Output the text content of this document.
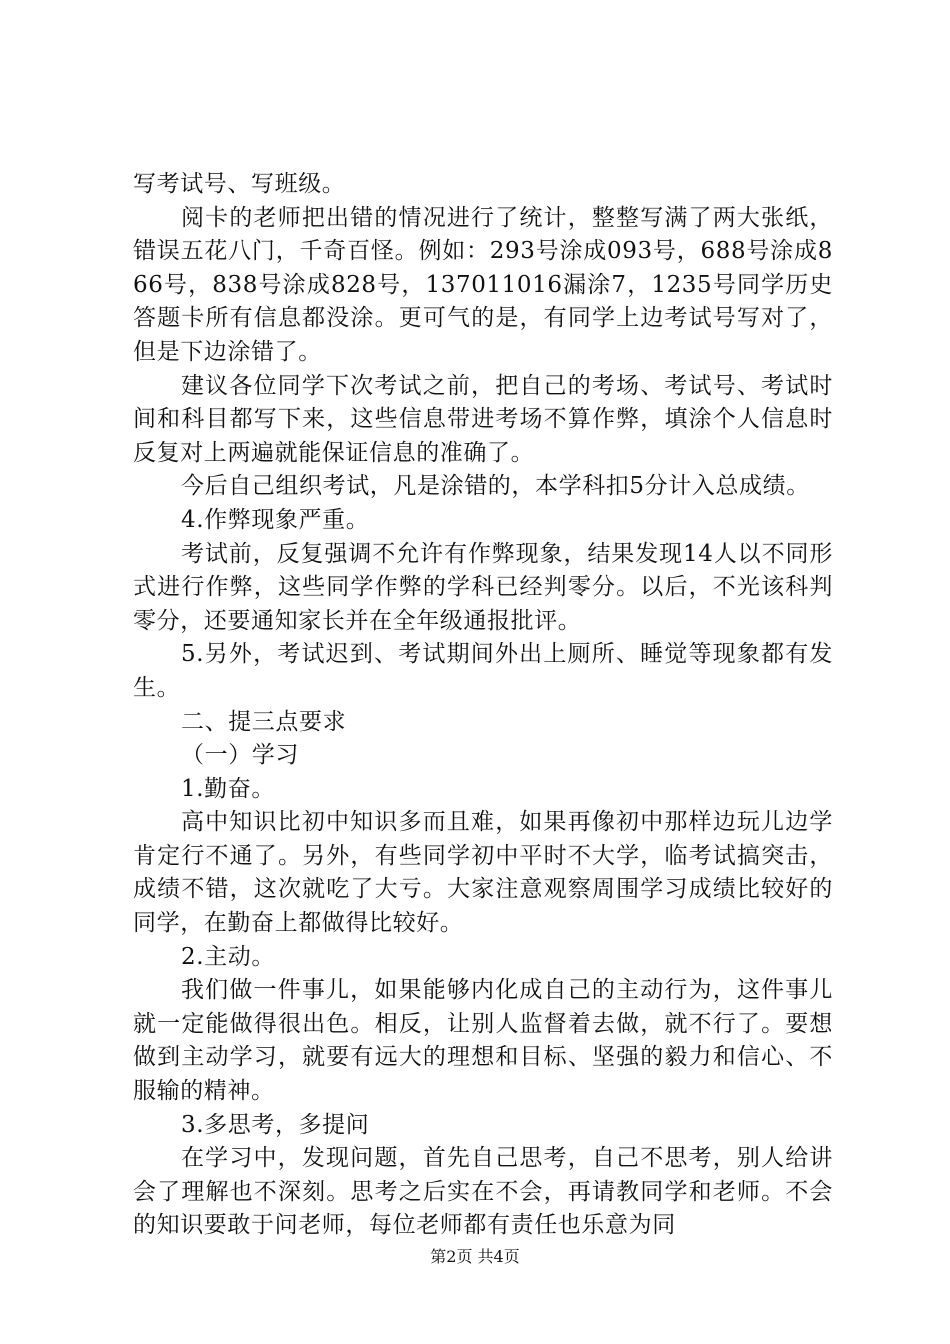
写考试号、写班级。

阅卡的老师把出错的情况进行了统计，整整写满了两大张纸，错误五花八门，千奇百怪。例如：293号涂成093号，688号涂成866号，838号涂成828号，137011016漏涂7，1235号同学历史答题卡所有信息都没涂。更可气的是，有同学上边考试号写对了，但是下边涂错了。

建议各位同学下次考试之前，把自己的考场、考试号、考试时间和科目都写下来，这些信息带进考场不算作弊，填涂个人信息时反复对上两遍就能保证信息的准确了。

今后自己组织考试，凡是涂错的，本学科扣5分计入总成绩。

4.作弊现象严重。

考试前，反复强调不允许有作弊现象，结果发现14人以不同形式进行作弊，这些同学作弊的学科已经判零分。以后，不光该科判零分，还要通知家长并在全年级通报批评。

5.另外，考试迟到、考试期间外出上厕所、睡觉等现象都有发生。

二、提三点要求

（一）学习

1.勤奋。

高中知识比初中知识多而且难，如果再像初中那样边玩儿边学肯定行不通了。另外，有些同学初中平时不大学，临考试搞突击，成绩不错，这次就吃了大亏。大家注意观察周围学习成绩比较好的同学，在勤奋上都做得比较好。

2.主动。

我们做一件事儿，如果能够内化成自己的主动行为，这件事儿就一定能做得很出色。相反，让别人监督着去做，就不行了。要想做到主动学习，就要有远大的理想和目标、坚强的毅力和信心、不服输的精神。

3.多思考，多提问

在学习中，发现问题，首先自己思考，自己不思考，别人给讲会了理解也不深刻。思考之后实在不会，再请教同学和老师。不会的知识要敢于问老师，每位老师都有责任也乐意为同

第2页 共4页
